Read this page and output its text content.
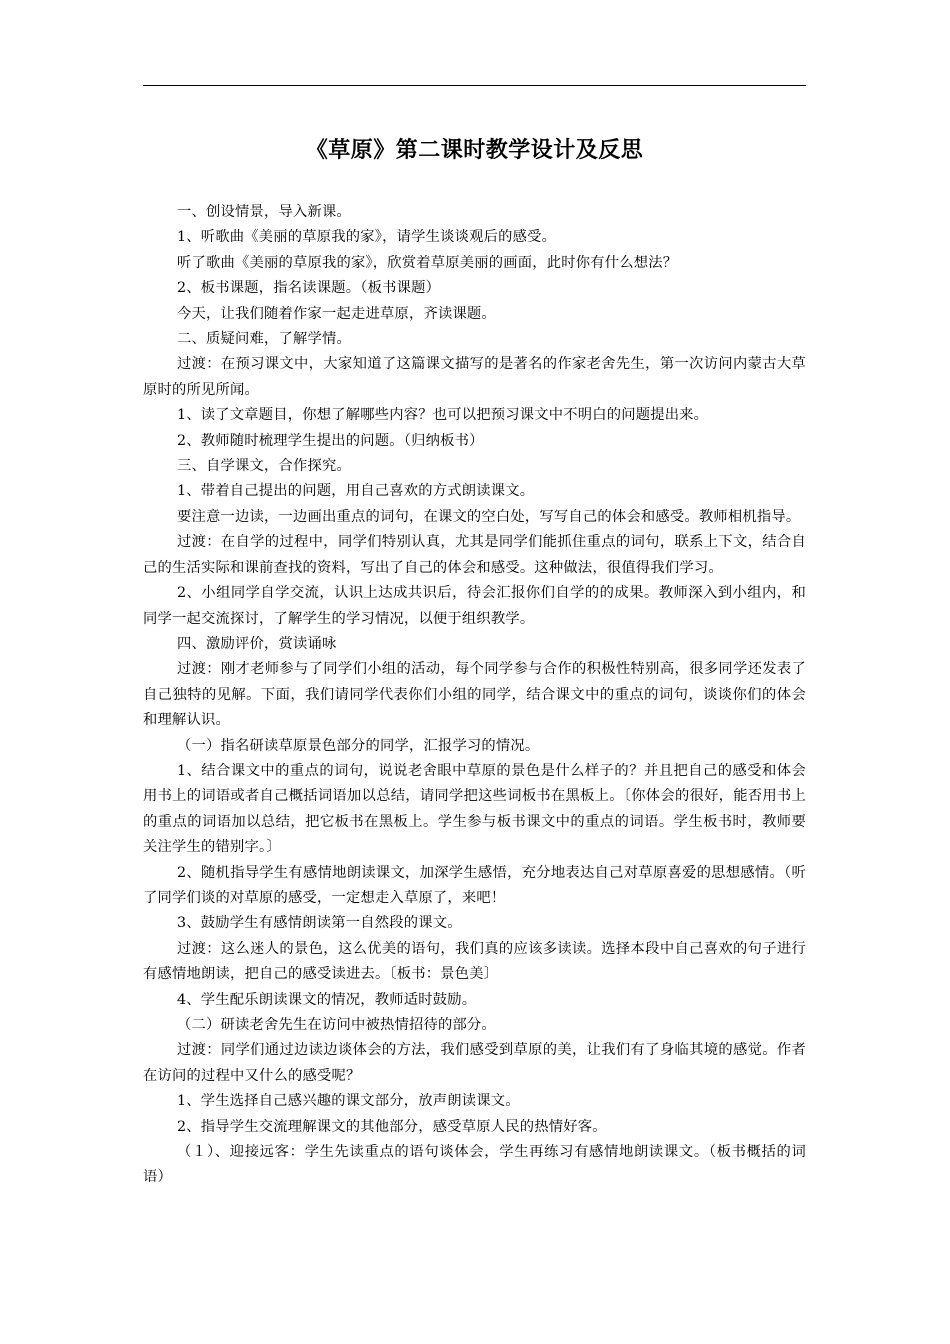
《草原》第二课时教学设计及反思

一、创设情景，导入新课。

1、听歌曲《美丽的草原我的家》，请学生谈谈观后的感受。

听了歌曲《美丽的草原我的家》，欣赏着草原美丽的画面，此时你有什么想法？

2、板书课题，指名读课题。（板书课题）

今天，让我们随着作家一起走进草原，齐读课题。

二、质疑问难，了解学情。

过渡：在预习课文中，大家知道了这篇课文描写的是著名的作家老舍先生，第一次访问内蒙古大草原时的所见所闻。

1、读了文章题目，你想了解哪些内容？也可以把预习课文中不明白的问题提出来。

2、教师随时梳理学生提出的问题。（归纳板书）

三、自学课文，合作探究。

1、带着自己提出的问题，用自己喜欢的方式朗读课文。

要注意一边读，一边画出重点的词句，在课文的空白处，写写自己的体会和感受。教师相机指导。

过渡：在自学的过程中，同学们特别认真，尤其是同学们能抓住重点的词句，联系上下文，结合自己的生活实际和课前查找的资料，写出了自己的体会和感受。这种做法，很值得我们学习。

2、小组同学自学交流，认识上达成共识后，待会汇报你们自学的的成果。教师深入到小组内，和同学一起交流探讨，了解学生的学习情况，以便于组织教学。

四、激励评价，赏读诵咏

过渡：刚才老师参与了同学们小组的活动，每个同学参与合作的积极性特别高，很多同学还发表了自己独特的见解。下面，我们请同学代表你们小组的同学，结合课文中的重点的词句，谈谈你们的体会和理解认识。

（一）指名研读草原景色部分的同学，汇报学习的情况。

1、结合课文中的重点的词句，说说老舍眼中草原的景色是什么样子的？并且把自己的感受和体会用书上的词语或者自己概括词语加以总结，请同学把这些词板书在黑板上。〔你体会的很好，能否用书上的重点的词语加以总结，把它板书在黑板上。学生参与板书课文中的重点的词语。学生板书时，教师要关注学生的错别字。〕

2、随机指导学生有感情地朗读课文，加深学生感悟，充分地表达自己对草原喜爱的思想感情。（听了同学们谈的对草原的感受，一定想走入草原了，来吧！

3、鼓励学生有感情朗读第一自然段的课文。

过渡：这么迷人的景色，这么优美的语句，我们真的应该多读读。选择本段中自己喜欢的句子进行有感情地朗读，把自己的感受读进去。〔板书：景色美〕

4、学生配乐朗读课文的情况，教师适时鼓励。

（二）研读老舍先生在访问中被热情招待的部分。

过渡：同学们通过边读边谈体会的方法，我们感受到草原的美，让我们有了身临其境的感觉。作者在访问的过程中又什么的感受呢？

1、学生选择自己感兴趣的课文部分，放声朗读课文。

2、指导学生交流理解课文的其他部分，感受草原人民的热情好客。

（１）、迎接远客：学生先读重点的语句谈体会，学生再练习有感情地朗读课文。（板书概括的词语）
